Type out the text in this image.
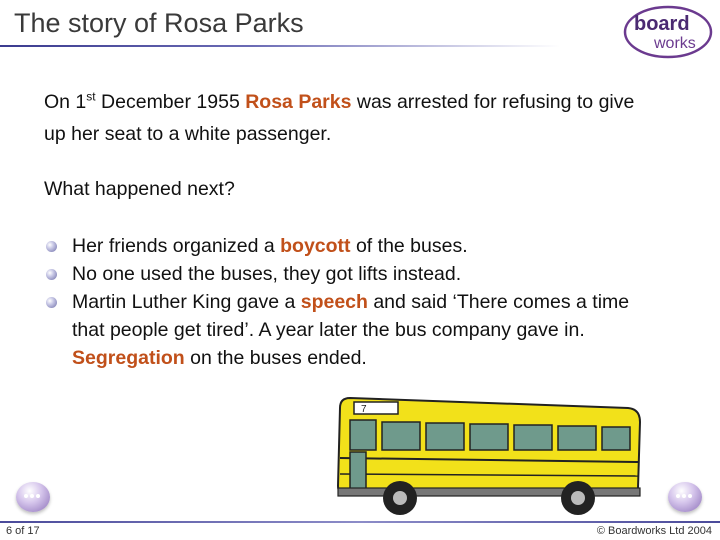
The story of Rosa Parks	board
works
On 1st December 1955 Rosa Parks was arrested for refusing to give up her seat to a white passenger.
What happened next?
Her friends organized a boycott of the buses.
No one used the buses, they got lifts instead.
Martin Luther King gave a speech and said ‘There comes a time that people get tired’. A year later the bus company gave in. Segregation on the buses ended.
7
6 of 17	© Boardworks Ltd 2004
